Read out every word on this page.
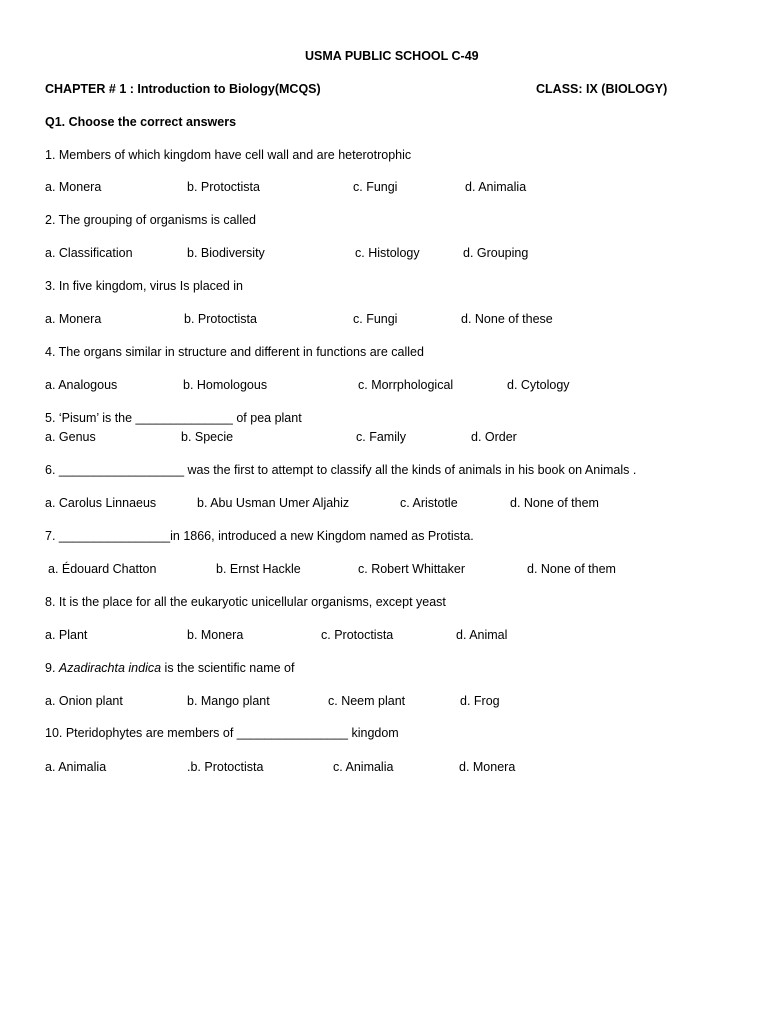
USMA PUBLIC SCHOOL C-49
CHAPTER # 1 : Introduction to Biology(MCQS)	CLASS: IX (BIOLOGY)
Q1. Choose the correct answers
1. Members of which kingdom have cell wall and are heterotrophic
a. Monera	b. Protoctista	c. Fungi	d. Animalia
2. The grouping of organisms is called
a. Classification	b. Biodiversity	c. Histology	d. Grouping
3. In five kingdom, virus Is placed in
a. Monera	b. Protoctista	c. Fungi	d. None of these
4. The organs similar in structure and different in functions are called
a. Analogous	b. Homologous	c. Morrphological	d. Cytology
5. ‘Pisum’ is the ______________ of pea plant
a. Genus	b. Specie	c. Family	d. Order
6. __________________ was the first to attempt to classify all the kinds of animals in his book on Animals .
a. Carolus Linnaeus	b. Abu Usman Umer Aljahiz	c. Aristotle	d. None of them
7. ________________in 1866, introduced a new Kingdom named as Protista.
a. Édouard Chatton	b. Ernst Hackle	c. Robert Whittaker	d. None of them
8. It is the place for all the eukaryotic unicellular organisms, except yeast
a. Plant	b. Monera	c. Protoctista	d. Animal
9. Azadirachta indica is the scientific name of
a. Onion plant	b. Mango plant	c. Neem plant	d. Frog
10. Pteridophytes are members of ________________ kingdom
a. Animalia	.b. Protoctista	c. Animalia	d. Monera
